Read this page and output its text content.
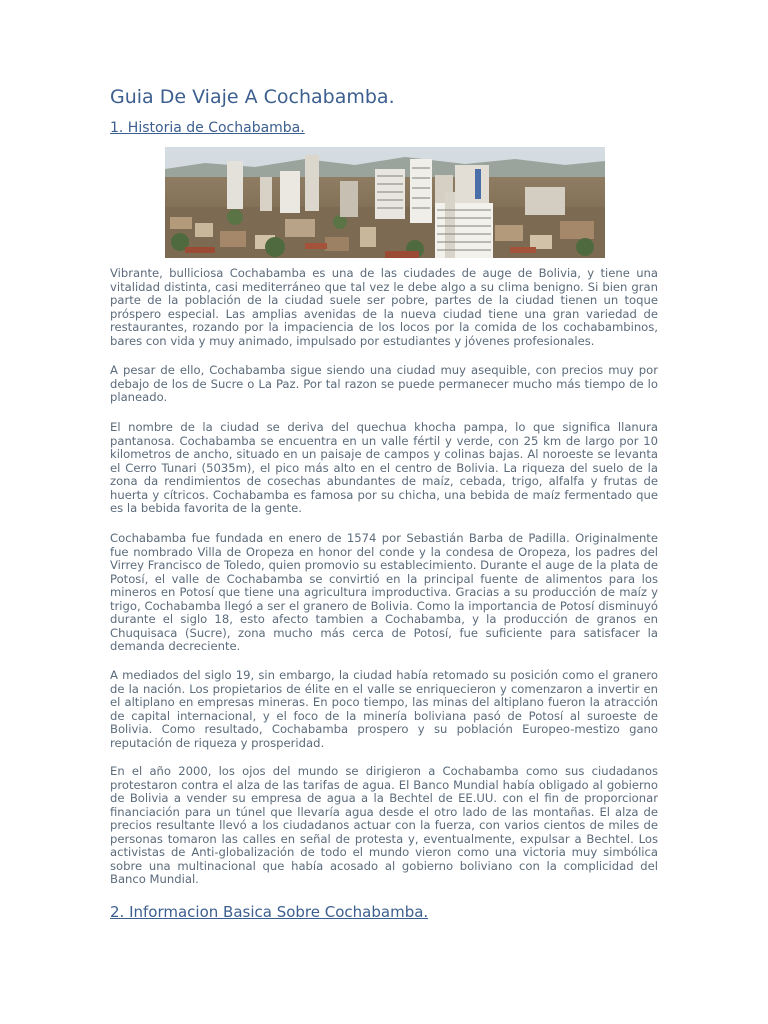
Guia De Viaje A Cochabamba.
1. Historia de Cochabamba.

Vibrante, bulliciosa Cochabamba es una de las ciudades de auge de Bolivia, y tiene una vitalidad distinta, casi mediterráneo que tal vez le debe algo a su clima benigno. Si bien gran parte de la población de la ciudad suele ser pobre, partes de la ciudad tienen un toque próspero especial. Las amplias avenidas de la nueva ciudad tiene una gran variedad de restaurantes, rozando por la impaciencia de los locos por la comida de los cochabambinos, bares con vida y muy animado, impulsado por estudiantes y jóvenes profesionales.

A pesar de ello, Cochabamba sigue siendo una ciudad muy asequible, con precios muy por debajo de los de Sucre o La Paz. Por tal razon se puede permanecer mucho más tiempo de lo planeado.

El nombre de la ciudad se deriva del quechua khocha pampa, lo que significa llanura pantanosa. Cochabamba se encuentra en un valle fértil y verde, con 25 km de largo por 10 kilometros de ancho, situado en un paisaje de campos y colinas bajas. Al noroeste se levanta el Cerro Tunari (5035m), el pico más alto en el centro de Bolivia. La riqueza del suelo de la zona da rendimientos de cosechas abundantes de maíz, cebada, trigo, alfalfa y frutas de huerta y cítricos. Cochabamba es famosa por su chicha, una bebida de maíz fermentado que es la bebida favorita de la gente.

Cochabamba fue fundada en enero de 1574 por Sebastián Barba de Padilla. Originalmente fue nombrado Villa de Oropeza en honor del conde y la condesa de Oropeza, los padres del Virrey Francisco de Toledo, quien promovio su establecimiento. Durante el auge de la plata de Potosí, el valle de Cochabamba se convirtió en la principal fuente de alimentos para los mineros en Potosí que tiene una agricultura improductiva. Gracias a su producción de maíz y trigo, Cochabamba llegó a ser el granero de Bolivia. Como la importancia de Potosí disminuyó durante el siglo 18, esto afecto tambien a Cochabamba, y la producción de granos en Chuquisaca (Sucre), zona mucho más cerca de Potosí, fue suficiente para satisfacer la demanda decreciente.

A mediados del siglo 19, sin embargo, la ciudad había retomado su posición como el granero de la nación. Los propietarios de élite en el valle se enriquecieron y comenzaron a invertir en el altiplano en empresas mineras. En poco tiempo, las minas del altiplano fueron la atracción de capital internacional, y el foco de la minería boliviana pasó de Potosí al suroeste de Bolivia. Como resultado, Cochabamba prospero y su población Europeo-mestizo gano reputación de riqueza y prosperidad.

En el año 2000, los ojos del mundo se dirigieron a Cochabamba como sus ciudadanos protestaron contra el alza de las tarifas de agua. El Banco Mundial había obligado al gobierno de Bolivia a vender su empresa de agua a la Bechtel de EE.UU. con el fin de proporcionar financiación para un túnel que llevaría agua desde el otro lado de las montañas. El alza de precios resultante llevó a los ciudadanos actuar con la fuerza, con varios cientos de miles de personas tomaron las calles en señal de protesta y, eventualmente, expulsar a Bechtel. Los activistas de Anti-globalización de todo el mundo vieron como una victoria muy simbólica sobre una multinacional que había acosado al gobierno boliviano con la complicidad del Banco Mundial.

2. Informacion Basica Sobre Cochabamba.
